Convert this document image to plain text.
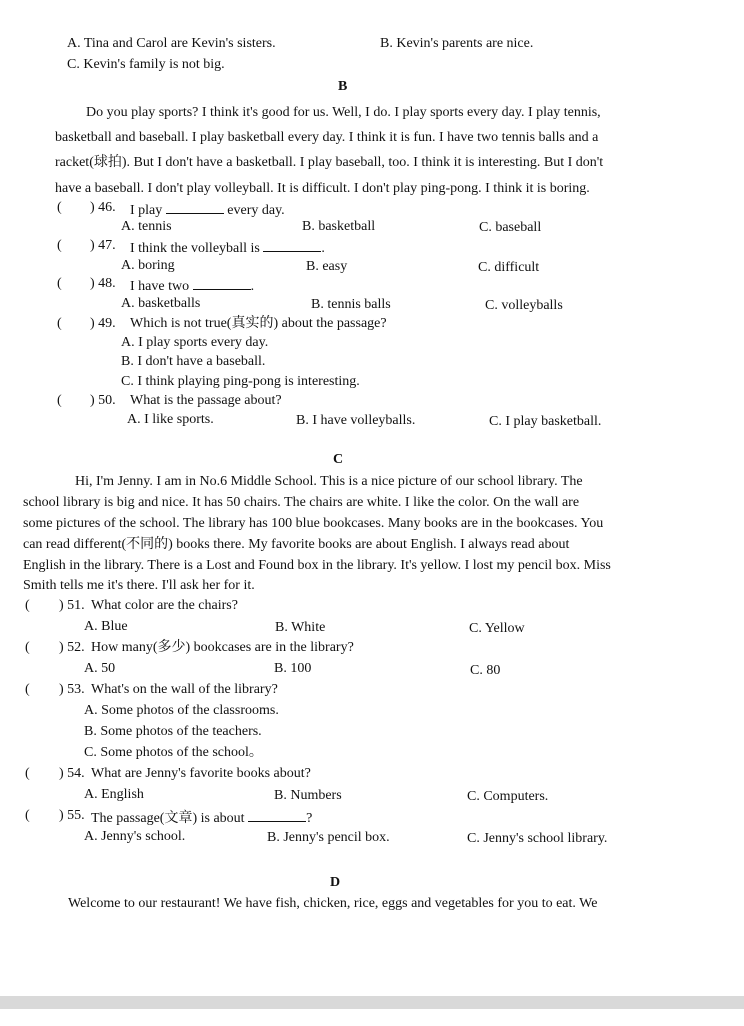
A. Tina and Carol are Kevin's sisters.	B. Kevin's parents are nice.
C. Kevin's family is not big.
B
Do you play sports? I think it's good for us. Well, I do. I play sports every day. I play tennis,
basketball and baseball. I play basketball every day. I think it is fun. I have two tennis balls and a
racket(球拍). But I don't have a basketball. I play baseball, too. I think it is interesting. But I don't
have a baseball. I don't play volleyball. It is difficult. I don't play ping-pong. I think it is boring.
( ) 46. I play	every day.
A. tennis	B. basketball	C. baseball
( ) 47. I think the volleyball is	.
A. boring	B. easy	C. difficult
( ) 48. I have two	.
A. basketballs	B. tennis balls	C. volleyballs
( ) 49. Which is not true(真实的) about the passage?
A. I play sports every day.
B. I don't have a baseball.
C. I think playing ping-pong is interesting.
( ) 50. What is the passage about?
A. I like sports.	B. I have volleyballs.	C. I play basketball.
C
Hi, I'm Jenny. I am in No.6 Middle School. This is a nice picture of our school library. The
school library is big and nice. It has 50 chairs. The chairs are white. I like the color. On the wall are
some pictures of the school. The library has 100 blue bookcases. Many books are in the bookcases. You
can read different(不同的) books there. My favorite books are about English. I always read about
English in the library. There is a Lost and Found box in the library. It's yellow. I lost my pencil box. Miss
Smith tells me it's there. I'll ask her for it.
( ) 51. What color are the chairs?
A. Blue	B. White	C. Yellow
( ) 52. How many(多少) bookcases are in the library?
A. 50	B. 100	C. 80
( ) 53. What's on the wall of the library?
A. Some photos of the classrooms.
B. Some photos of the teachers.
C. Some photos of the school。
( ) 54. What are Jenny's favorite books about?
A. English	B. Numbers	C. Computers.
( ) 55. The passage(文章) is about	?
A. Jenny's school.	B. Jenny's pencil box.	C. Jenny's school library.
D
Welcome to our restaurant! We have fish, chicken, rice, eggs and vegetables for you to eat. We
